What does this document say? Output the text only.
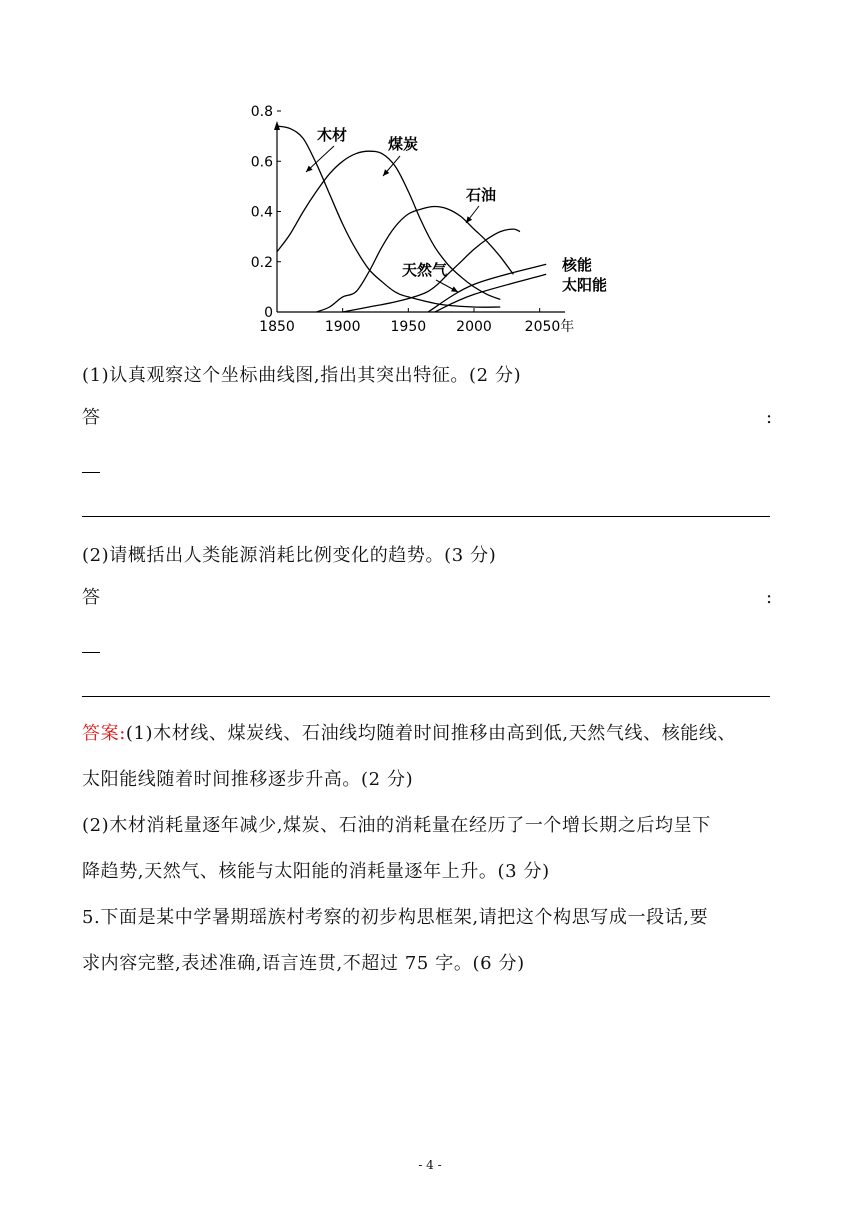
0
0.2
0.4
0.6
0.8
1850 1900 1950 2000 2050年
木材	煤炭
石油
天然气	核能
太阳能
(1)认真观察这个坐标曲线图,指出其突出特征。(2 分)
答	:
(2)请概括出人类能源消耗比例变化的趋势。(3 分)
答	:
答案:(1)木材线、煤炭线、石油线均随着时间推移由高到低,天然气线、核能线、
太阳能线随着时间推移逐步升高。(2 分)
(2)木材消耗量逐年减少,煤炭、石油的消耗量在经历了一个增长期之后均呈下
降趋势,天然气、核能与太阳能的消耗量逐年上升。(3 分)
5.下面是某中学暑期瑶族村考察的初步构思框架,请把这个构思写成一段话,要
求内容完整,表述准确,语言连贯,不超过 75 字。(6 分)
- 4 -
